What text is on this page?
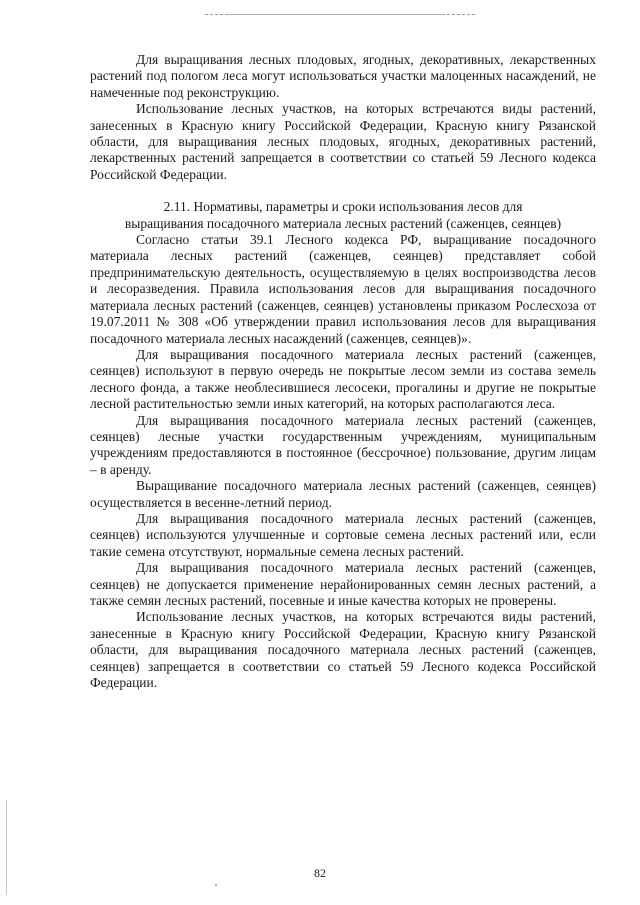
Для выращивания лесных плодовых, ягодных, декоративных, лекарственных растений под пологом леса могут использоваться участки малоценных насаждений, не намеченные под реконструкцию.

Использование лесных участков, на которых встречаются виды растений, занесенных в Красную книгу Российской Федерации, Красную книгу Рязанской области, для выращивания лесных плодовых, ягодных, декоративных растений, лекарственных растений запрещается в соответствии со статьей 59 Лесного кодекса Российской Федерации.

2.11. Нормативы, параметры и сроки использования лесов для

выращивания посадочного материала лесных растений (саженцев, сеянцев)

Согласно статьи 39.1 Лесного кодекса РФ, выращивание посадочного материала лесных растений (саженцев, сеянцев) представляет собой предпринимательскую деятельность, осуществляемую в целях воспроизводства лесов и лесоразведения. Правила использования лесов для выращивания посадочного материала лесных растений (саженцев, сеянцев) установлены приказом Рослесхоза от 19.07.2011 № 308 «Об утверждении правил использования лесов для выращивания посадочного материала лесных насаждений (саженцев, сеянцев)».

Для выращивания посадочного материала лесных растений (саженцев, сеянцев) используют в первую очередь не покрытые лесом земли из состава земель лесного фонда, а также необлесившиеся лесосеки, прогалины и другие не покрытые лесной растительностью земли иных категорий, на которых располагаются леса.

Для выращивания посадочного материала лесных растений (саженцев, сеянцев) лесные участки государственным учреждениям, муниципальным учреждениям предоставляются в постоянное (бессрочное) пользование, другим лицам – в аренду.

Выращивание посадочного материала лесных растений (саженцев, сеянцев) осуществляется в весенне-летний период.

Для выращивания посадочного материала лесных растений (саженцев, сеянцев) используются улучшенные и сортовые семена лесных растений или, если такие семена отсутствуют, нормальные семена лесных растений.

Для выращивания посадочного материала лесных растений (саженцев, сеянцев) не допускается применение нерайонированных семян лесных растений, а также семян лесных растений, посевные и иные качества которых не проверены.

Использование лесных участков, на которых встречаются виды растений, занесенные в Красную книгу Российской Федерации, Красную книгу Рязанской области, для выращивания посадочного материала лесных растений (саженцев, сеянцев) запрещается в соответствии со статьей 59 Лесного кодекса Российской Федерации.

82
